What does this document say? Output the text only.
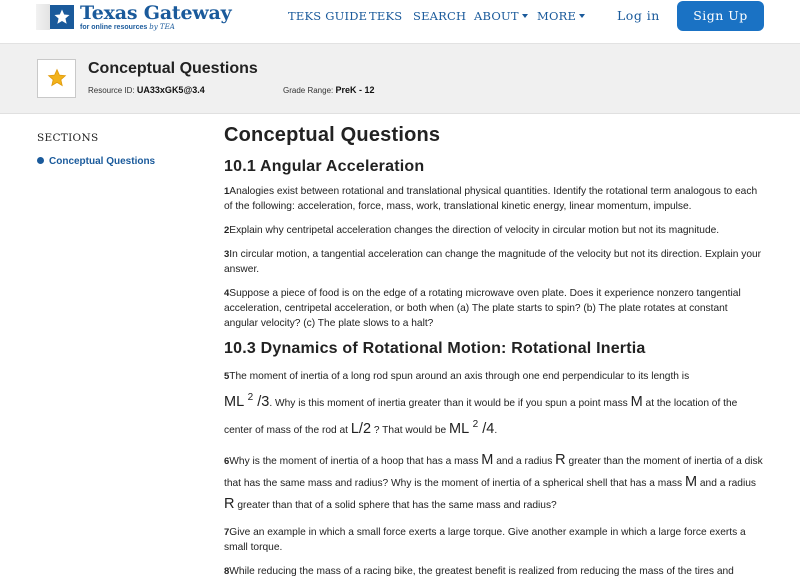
Texas Gateway
for online resources by TEA
TEKS GUIDE TEKS SEARCH ABOUT	MORE	Log in	Sign Up
Conceptual Questions
Resource ID: UA33xGK5@3.4	Grade Range: PreK - 12
SECTIONS
Conceptual Questions
Conceptual Questions
10.1 Angular Acceleration

1Analogies exist between rotational and translational physical quantities. Identify the rotational term analogous to each of the following: acceleration, force, mass, work, translational kinetic energy, linear momentum, impulse.

2Explain why centripetal acceleration changes the direction of velocity in circular motion but not its magnitude.

3In circular motion, a tangential acceleration can change the magnitude of the velocity but not its direction. Explain your answer.

4Suppose a piece of food is on the edge of a rotating microwave oven plate. Does it experience nonzero tangential acceleration, centripetal acceleration, or both when (a) The plate starts to spin? (b) The plate rotates at constant angular velocity? (c) The plate slows to a halt?

10.3 Dynamics of Rotational Motion: Rotational Inertia

5The moment of inertia of a long rod spun around an axis through one end perpendicular to its length is
ML $^2$ /3. Why is this moment of inertia greater than it would be if you spun a point mass M at the location of the center of mass of the rod at L/2 ? That would be ML $^2$ /4.

6Why is the moment of inertia of a hoop that has a mass M and a radius R greater than the moment of inertia of a disk that has the same mass and radius? Why is the moment of inertia of a spherical shell that has a mass M and a radius R greater than that of a solid sphere that has the same mass and radius?

7Give an example in which a small force exerts a large torque. Give another example in which a large force exerts a small torque.

8While reducing the mass of a racing bike, the greatest benefit is realized from reducing the mass of the tires and
